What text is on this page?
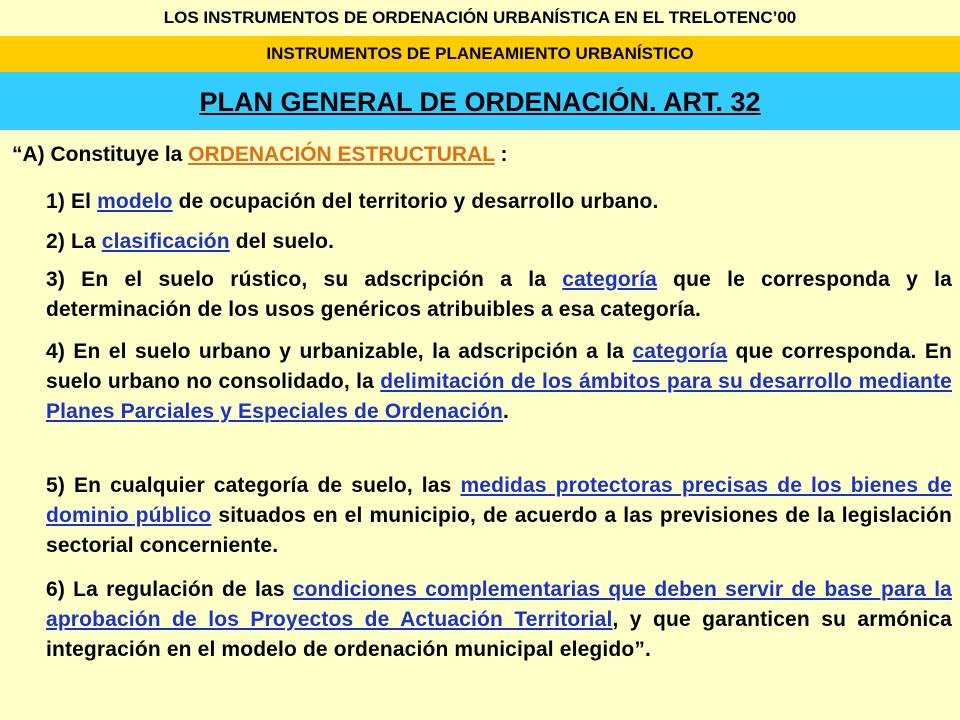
LOS INSTRUMENTOS DE ORDENACIÓN URBANÍSTICA EN EL TRELOTENC’00
INSTRUMENTOS DE PLANEAMIENTO URBANÍSTICO
PLAN GENERAL DE ORDENACIÓN. ART. 32
“A) Constituye la ORDENACIÓN ESTRUCTURAL :
1) El modelo de ocupación del territorio y desarrollo urbano.
2) La clasificación del suelo.
3) En el suelo rústico, su adscripción a la categoría que le corresponda y la determinación de los usos genéricos atribuibles a esa categoría.
4) En el suelo urbano y urbanizable, la adscripción a la categoría que corresponda. En suelo urbano no consolidado, la delimitación de los ámbitos para su desarrollo mediante Planes Parciales y Especiales de Ordenación.
5) En cualquier categoría de suelo, las medidas protectoras precisas de los bienes de dominio público situados en el municipio, de acuerdo a las previsiones de la legislación sectorial concerniente.
6) La regulación de las condiciones complementarias que deben servir de base para la aprobación de los Proyectos de Actuación Territorial, y que garanticen su armónica integración en el modelo de ordenación municipal elegido”.
